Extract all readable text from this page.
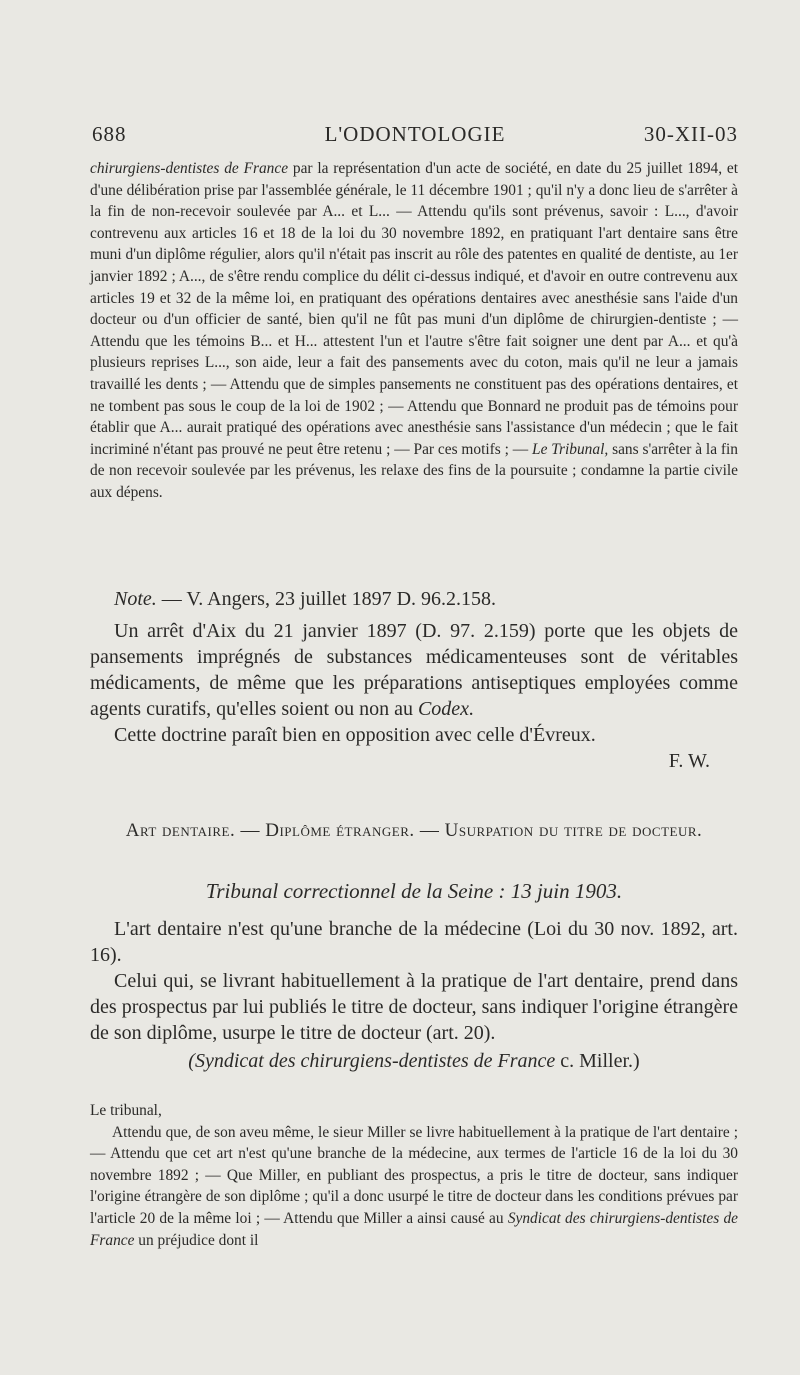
688	L'ODONTOLOGIE	30-XII-03

chirurgiens-dentistes de France par la représentation d'un acte de société, en date du 25 juillet 1894, et d'une délibération prise par l'assemblée générale, le 11 décembre 1901 ; qu'il n'y a donc lieu de s'arrêter à la fin de non-recevoir soulevée par A... et L... — Attendu qu'ils sont prévenus, savoir : L..., d'avoir contrevenu aux articles 16 et 18 de la loi du 30 novembre 1892, en pratiquant l'art dentaire sans être muni d'un diplôme régulier, alors qu'il n'était pas inscrit au rôle des patentes en qualité de dentiste, au 1er janvier 1892 ; A..., de s'être rendu complice du délit ci-dessus indiqué, et d'avoir en outre contrevenu aux articles 19 et 32 de la même loi, en pratiquant des opérations dentaires avec anesthésie sans l'aide d'un docteur ou d'un officier de santé, bien qu'il ne fût pas muni d'un diplôme de chirurgien-dentiste ; — Attendu que les témoins B... et H... attestent l'un et l'autre s'être fait soigner une dent par A... et qu'à plusieurs reprises L..., son aide, leur a fait des pansements avec du coton, mais qu'il ne leur a jamais travaillé les dents ; — Attendu que de simples pansements ne constituent pas des opérations dentaires, et ne tombent pas sous le coup de la loi de 1902 ; — Attendu que Bonnard ne produit pas de témoins pour établir que A... aurait pratiqué des opérations avec anesthésie sans l'assistance d'un médecin ; que le fait incriminé n'étant pas prouvé ne peut être retenu ; — Par ces motifs ; — Le Tribunal, sans s'arrêter à la fin de non recevoir soulevée par les prévenus, les relaxe des fins de la poursuite ; condamne la partie civile aux dépens.

Note. — V. Angers, 23 juillet 1897 D. 96.2.158.

Un arrêt d'Aix du 21 janvier 1897 (D. 97. 2.159) porte que les objets de pansements imprégnés de substances médicamenteuses sont de véritables médicaments, de même que les préparations antiseptiques employées comme agents curatifs, qu'elles soient ou non au Codex.

Cette doctrine paraît bien en opposition avec celle d'Évreux.

F. W.

Art dentaire. — Diplôme étranger. — Usurpation du titre de docteur.
Tribunal correctionnel de la Seine : 13 juin 1903.

L'art dentaire n'est qu'une branche de la médecine (Loi du 30 nov. 1892, art. 16).

Celui qui, se livrant habituellement à la pratique de l'art dentaire, prend dans des prospectus par lui publiés le titre de docteur, sans indiquer l'origine étrangère de son diplôme, usurpe le titre de docteur (art. 20).

(Syndicat des chirurgiens-dentistes de France c. Miller.)

Le tribunal,

Attendu que, de son aveu même, le sieur Miller se livre habituellement à la pratique de l'art dentaire ; — Attendu que cet art n'est qu'une branche de la médecine, aux termes de l'article 16 de la loi du 30 novembre 1892 ; — Que Miller, en publiant des prospectus, a pris le titre de docteur, sans indiquer l'origine étrangère de son diplôme ; qu'il a donc usurpé le titre de docteur dans les conditions prévues par l'article 20 de la même loi ; — Attendu que Miller a ainsi causé au Syndicat des chirurgiens-dentistes de France un préjudice dont il
